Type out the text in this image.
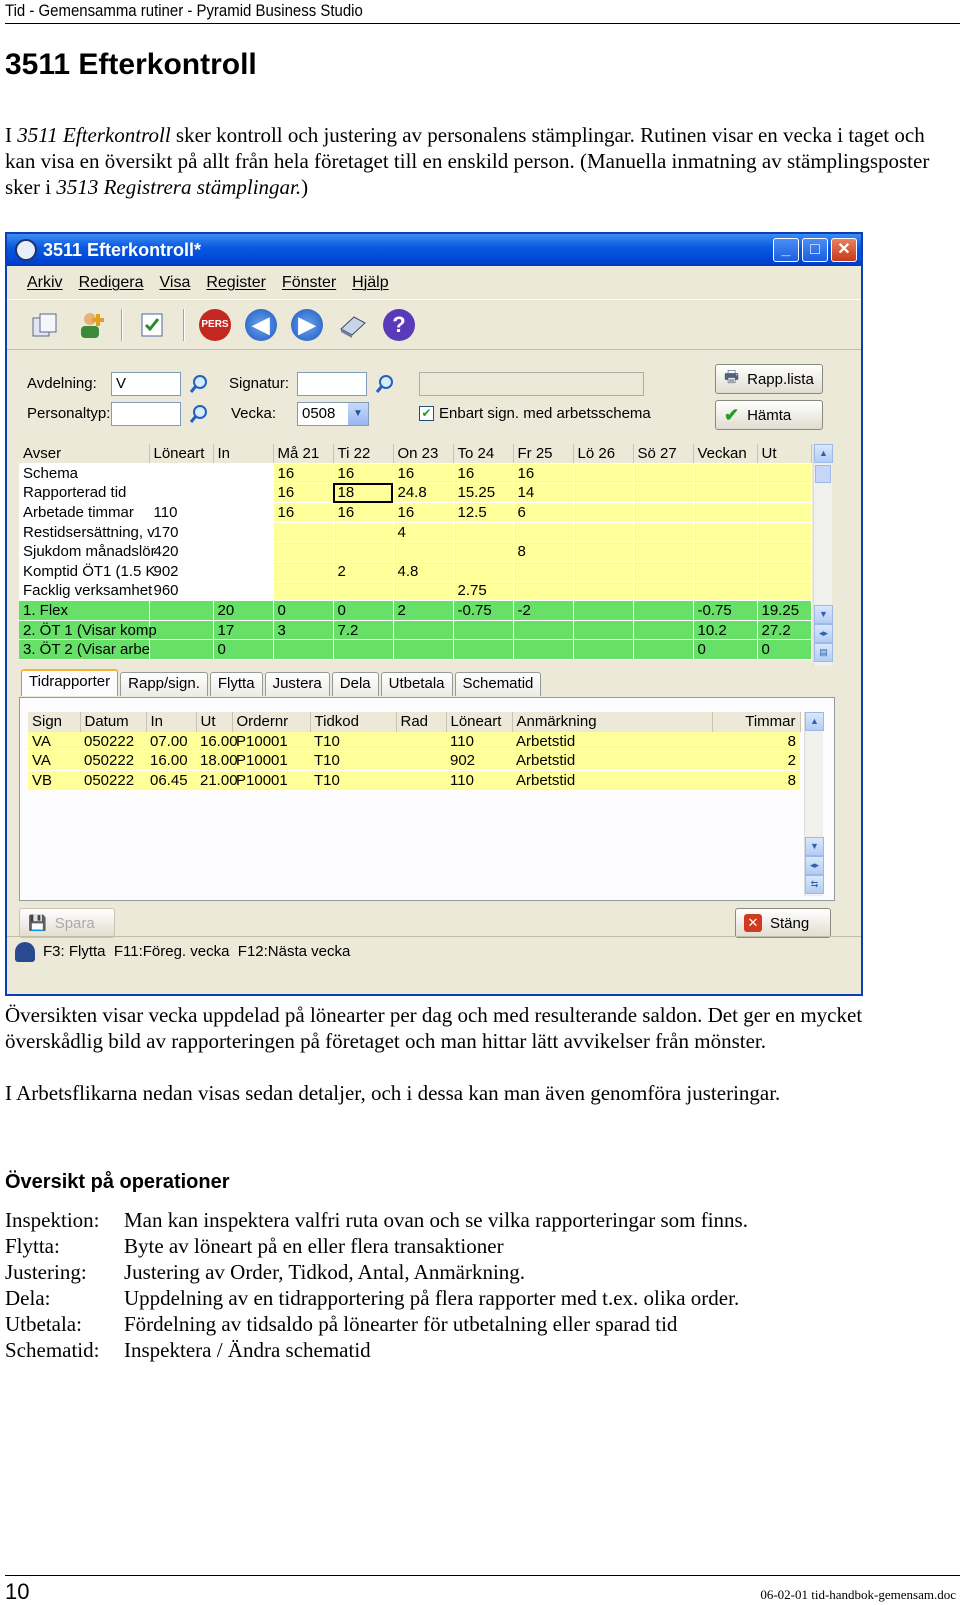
Tid - Gemensamma rutiner - Pyramid Business Studio
3511 Efterkontroll

I 3511 Efterkontroll sker kontroll och justering av personalens stämplingar. Rutinen visar en vecka i taget och kan visa en översikt på allt från hela företaget till en enskild person. (Manuella inmatning av stämplingsposter sker i 3513 Registrera stämplingar.)

3511 Efterkontroll*	_	□	✕
Arkiv Redigera Visa Register Fönster Hjälp
PERS	◀	▶	?
Avdelning:	V
Personaltyp:
Signatur:
Vecka:	0508	▼	✔ Enbart sign. med arbetsschema
🖶 Rapp.lista
✔ Hämta
Avser	Löneart	In	Må 21	Ti 22	On 23	To 24	Fr 25	Lö 26	Sö 27	Veckan	Ut
Schema			16	16	16	16	16				
Rapporterad tid			16	18	24.8	15.25	14				
Arbetade timmar	110		16	16	16	12.5	6				
Restidsersättning, v	170				4						
Sjukdom månadslör	420						8				
Komptid ÖT1 (1.5 K	902			2	4.8						
Facklig verksamhet	960					2.75					
1. Flex		20	0	0	2	-0.75	-2			-0.75	19.25
2. ÖT 1 (Visar komp		17	3	7.2						10.2	27.2
3. ÖT 2 (Visar arbe		0								0	0
▲
▼
◂▸
▤
Tidrapporter	Rapp/sign.	Flytta	Justera	Dela	Utbetala	Schematid
Sign	Datum	In	Ut	Ordernr	Tidkod	Rad	Löneart	Anmärkning	Timmar
VA	050222	07.00	16.00	P10001	T10		110	Arbetstid	8
VA	050222	16.00	18.00	P10001	T10		902	Arbetstid	2
VB	050222	06.45	21.00	P10001	T10		110	Arbetstid	8
▲
▼
◂▸
⇆
💾 Spara	✕ Stäng
F3: Flytta  F11:Föreg. vecka  F12:Nästa vecka

Översikten visar vecka uppdelad på lönearter per dag och med resulterande saldon. Det ger en mycket överskådlig bild av rapporteringen på företaget och man hittar lätt avvikelser från mönster.

I Arbetsflikarna nedan visas sedan detaljer, och i dessa kan man även genomföra justeringar.

Översikt på operationer
Inspektion:	Man kan inspektera valfri ruta ovan och se vilka rapporteringar som finns.
Flytta:	Byte av löneart på en eller flera transaktioner
Justering:	Justering av Order, Tidkod, Antal, Anmärkning.
Dela:	Uppdelning av en tidrapportering på flera rapporter med t.ex. olika order.
Utbetala:	Fördelning av tidsaldo på lönearter för utbetalning eller sparad tid
Schematid:	Inspektera / Ändra schematid
10	06-02-01 tid-handbok-gemensam.doc
